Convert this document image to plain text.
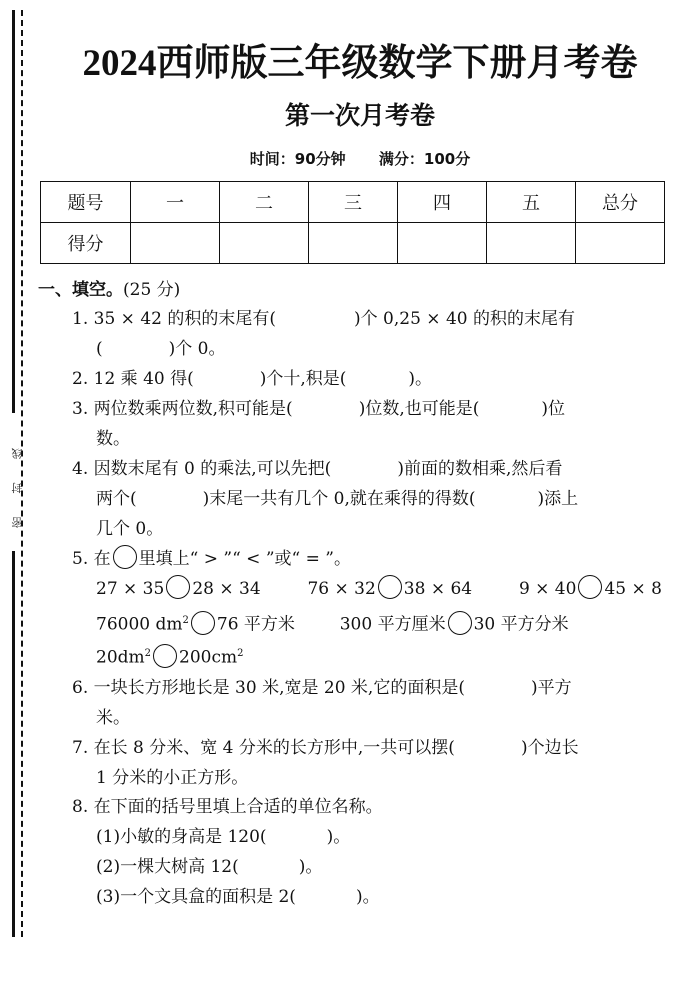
密 封 线
2024西师版三年级数学下册月考卷
第一次月考卷
时间：90分钟 满分：100分
题号	一	二	三	四	五	总分
得分						
一、填空。(25 分)
1. 35 × 42 的积的末尾有(	)个 0,25 × 40 的积的末尾有
(	)个 0。
2. 12 乘 40 得(	)个十,积是(	)。
3. 两位数乘两位数,积可能是(	)位数,也可能是(	)位
数。
4. 因数末尾有 0 的乘法,可以先把(	)前面的数相乘,然后看
两个(	)末尾一共有几个 0,就在乘得的得数(	)添上
几个 0。
5. 在 里填上“ > ”“ < ”或“ = ”。
27 × 35 28 × 34	76 × 32 38 × 64	9 × 40 45 × 8
76000 $dm^2$ 76 平方米	300 平方厘米 30 平方分米
$20dm^2$ $200cm^2$
6. 一块长方形地长是 30 米,宽是 20 米,它的面积是(	)平方
米。
7. 在长 8 分米、宽 4 分米的长方形中,一共可以摆(	)个边长
1 分米的小正方形。
8. 在下面的括号里填上合适的单位名称。
(1)小敏的身高是 120(	)。
(2)一棵大树高 12(	)。
(3)一个文具盒的面积是 2(	)。
